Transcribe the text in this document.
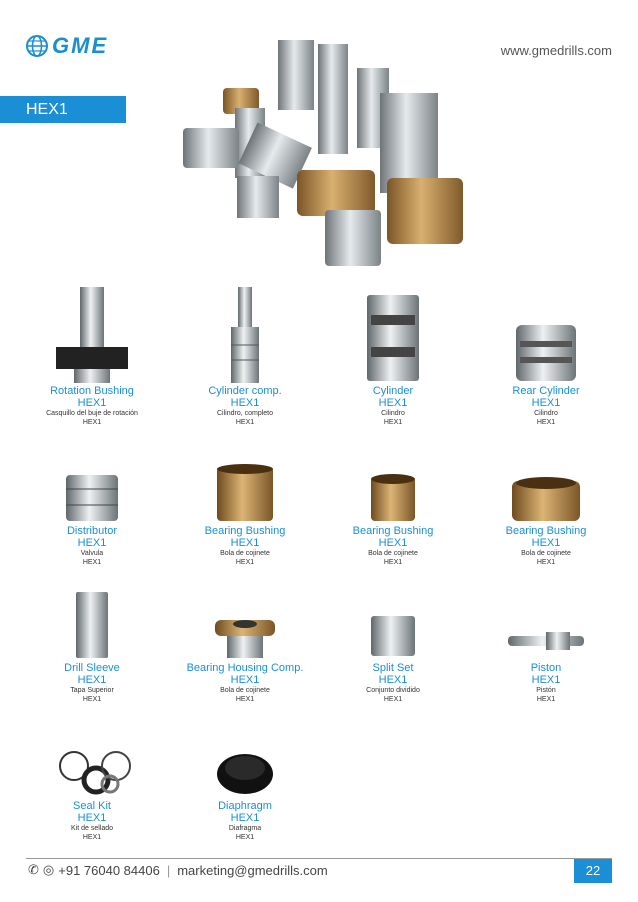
GME	www.gmedrills.com
HEX1
Rotation Bushing
HEX1
Casquillo del buje de rotación
HEX1
Cylinder comp.
HEX1
Cilindro, completo
HEX1
Cylinder
HEX1
Cilindro
HEX1
Rear Cylinder
HEX1
Cilindro
HEX1
Distributor
HEX1
Valvula
HEX1
Bearing Bushing
HEX1
Bola de cojinete
HEX1
Bearing Bushing
HEX1
Bola de cojinete
HEX1
Bearing Bushing
HEX1
Bola de cojinete
HEX1
Drill Sleeve
HEX1
Tapa Superior
HEX1
Bearing Housing Comp.
HEX1
Bola de cojinete
HEX1
Split Set
HEX1
Conjunto dividido
HEX1
Piston
HEX1
Pistón
HEX1
Seal Kit
HEX1
Kit de sellado
HEX1
Diaphragm
HEX1
Diafragma
HEX1
✆ ◎ +91 76040 84406 | marketing@gmedrills.com	22
